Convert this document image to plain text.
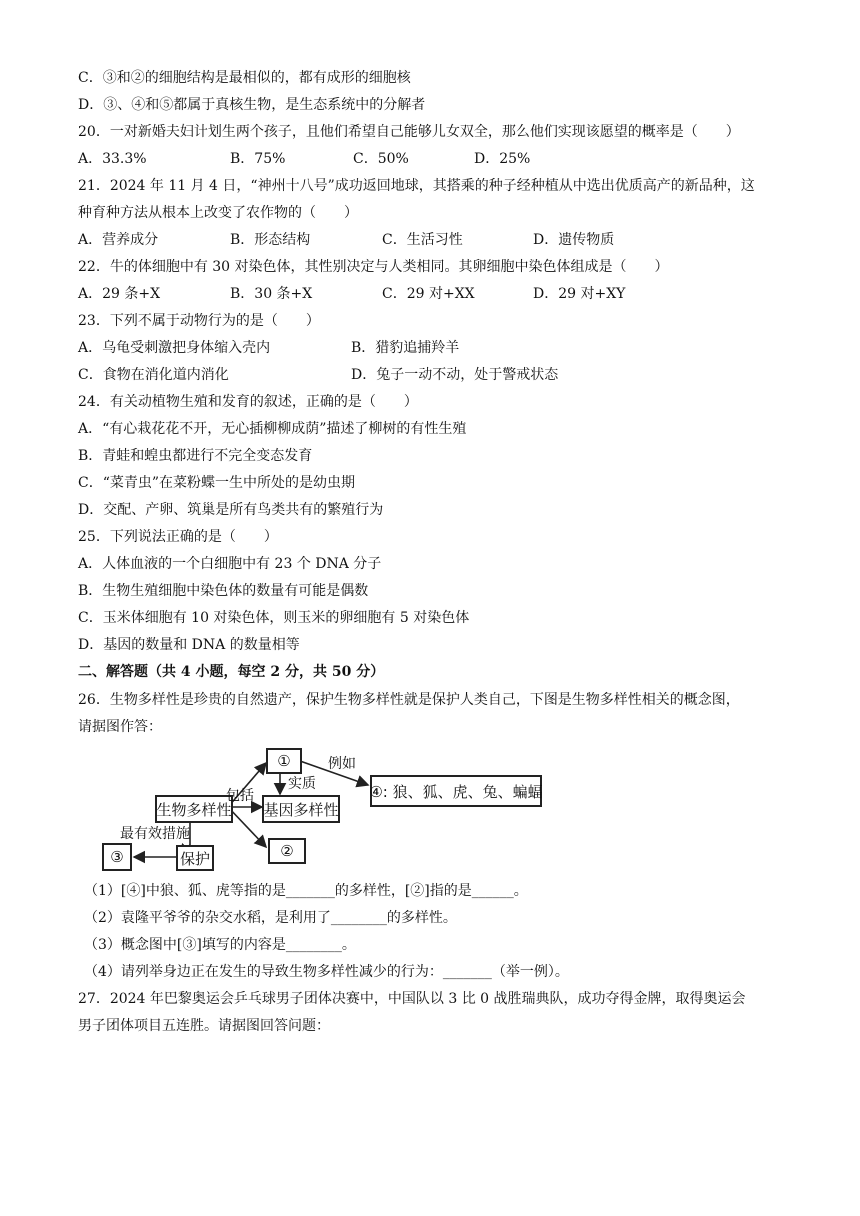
C．③和②的细胞结构是最相似的，都有成形的细胞核
D．③、④和⑤都属于真核生物，是生态系统中的分解者
20．一对新婚夫妇计划生两个孩子，且他们希望自己能够儿女双全，那么他们实现该愿望的概率是（　　）
A．33.3%	B．75%	C．50%	D．25%
21．2024 年 11 月 4 日，“神州十八号”成功返回地球，其搭乘的种子经种植从中选出优质高产的新品种，这
种育种方法从根本上改变了农作物的（　　）
A．营养成分	B．形态结构	C．生活习性	D．遗传物质
22．牛的体细胞中有 30 对染色体，其性别决定与人类相同。其卵细胞中染色体组成是（　　）
A．29 条+X	B．30 条+X	C．29 对+XX	D．29 对+XY
23．下列不属于动物行为的是（　　）
A．乌龟受刺激把身体缩入壳内	B．猎豹追捕羚羊
C．食物在消化道内消化	D．兔子一动不动，处于警戒状态
24．有关动植物生殖和发育的叙述，正确的是（　　）
A．“有心栽花花不开，无心插柳柳成荫”描述了柳树的有性生殖
B．青蛙和蝗虫都进行不完全变态发育
C．“菜青虫”在菜粉蝶一生中所处的是幼虫期
D．交配、产卵、筑巢是所有鸟类共有的繁殖行为
25．下列说法正确的是（　　）
A．人体血液的一个白细胞中有 23 个 DNA 分子
B．生物生殖细胞中染色体的数量有可能是偶数
C．玉米体细胞有 10 对染色体，则玉米的卵细胞有 5 对染色体
D．基因的数量和 DNA 的数量相等
二、解答题（共 4 小题，每空 2 分，共 50 分）
26．生物多样性是珍贵的自然遗产，保护生物多样性就是保护人类自己，下图是生物多样性相关的概念图，
请据图作答：
生物多样性
①
基因多样性
②
③	保护
④: 狼、狐、虎、兔、蝙蝠
包括
实质
例如
最有效措施
（1）[④]中狼、狐、虎等指的是_______的多样性，[②]指的是______。
（2）袁隆平爷爷的杂交水稻，是利用了________的多样性。
（3）概念图中[③]填写的内容是________。
（4）请列举身边正在发生的导致生物多样性减少的行为：_______（举一例）。
27．2024 年巴黎奥运会乒乓球男子团体决赛中，中国队以 3 比 0 战胜瑞典队，成功夺得金牌，取得奥运会
男子团体项目五连胜。请据图回答问题：
